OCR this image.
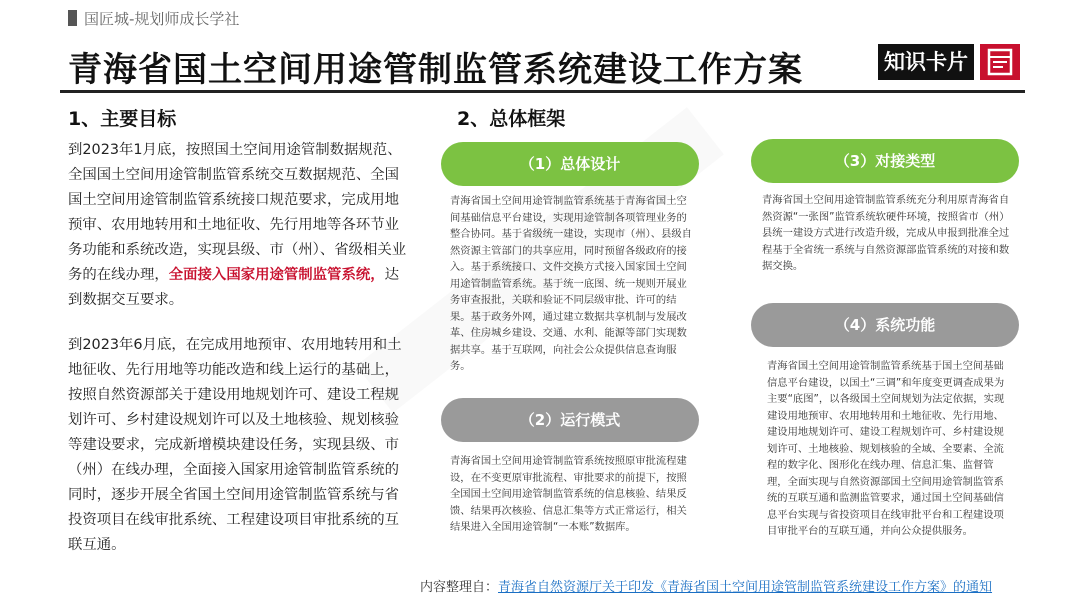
国匠城-规划师成长学社
青海省国土空间用途管制监管系统建设工作方案	知识卡片
1、主要目标

到2023年1月底，按照国土空间用途管制数据规范、全国国土空间用途管制监管系统交互数据规范、全国国土空间用途管制监管系统接口规范要求，完成用地预审、农用地转用和土地征收、先行用地等各环节业务功能和系统改造，实现县级、市（州）、省级相关业务的在线办理，全面接入国家用途管制监管系统，达到数据交互要求。

到2023年6月底，在完成用地预审、农用地转用和土地征收、先行用地等功能改造和线上运行的基础上，按照自然资源部关于建设用地规划许可、建设工程规划许可、乡村建设规划许可以及土地核验、规划核验等建设要求，完成新增模块建设任务，实现县级、市（州）在线办理，全面接入国家用途管制监管系统的同时，逐步开展全省国土空间用途管制监管系统与省投资项目在线审批系统、工程建设项目审批系统的互联互通。

2、总体框架
（1）总体设计
青海省国土空间用途管制监管系统基于青海省国土空间基础信息平台建设，实现用途管制各项管理业务的整合协同。基于省级统一建设，实现市（州）、县级自然资源主管部门的共享应用，同时预留各级政府的接入。基于系统接口、文件交换方式接入国家国土空间用途管制监管系统。基于统一底图、统一规则开展业务审查报批，关联和验证不同层级审批、许可的结果。基于政务外网，通过建立数据共享机制与发展改革、住房城乡建设、交通、水利、能源等部门实现数据共享。基于互联网，向社会公众提供信息查询服务。
（2）运行模式
青海省国土空间用途管制监管系统按照原审批流程建设，在不变更原审批流程、审批要求的前提下，按照全国国土空间用途管制监管系统的信息核验、结果反馈、结果再次核验、信息汇集等方式正常运行，相关结果进入全国用途管制“一本账”数据库。
（3）对接类型
青海省国土空间用途管制监管系统充分利用原青海省自然资源“一张图”监管系统软硬件环境，按照省市（州）县统一建设方式进行改造升级，完成从申报到批准全过程基于全省统一系统与自然资源部监管系统的对接和数据交换。
（4）系统功能
青海省国土空间用途管制监管系统基于国土空间基础信息平台建设，以国土“三调”和年度变更调查成果为主要“底图”，以各级国土空间规划为法定依据，实现建设用地预审、农用地转用和土地征收、先行用地、建设用地规划许可、建设工程规划许可、乡村建设规划许可、土地核验、规划核验的全域、全要素、全流程的数字化、图形化在线办理、信息汇集、监督管理，全面实现与自然资源部国土空间用途管制监管系统的互联互通和监测监管要求，通过国土空间基础信息平台实现与省投资项目在线审批平台和工程建设项目审批平台的互联互通，并向公众提供服务。
内容整理自：青海省自然资源厅关于印发《青海省国土空间用途管制监管系统建设工作方案》的通知
